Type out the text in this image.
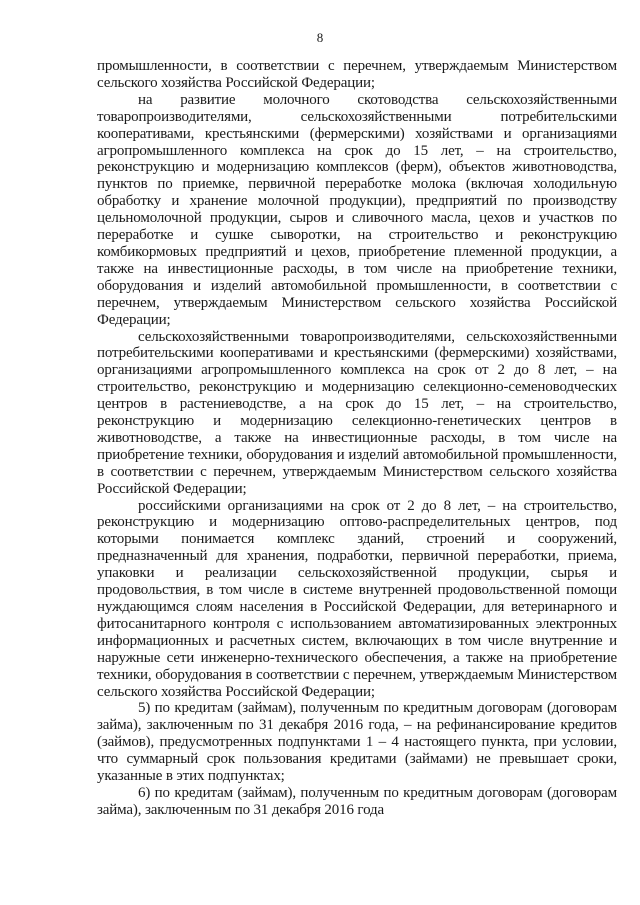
8

промышленности, в соответствии с перечнем, утверждаемым Министерством сельского хозяйства Российской Федерации;

на развитие молочного скотоводства сельскохозяйственными товаропроизводителями, сельскохозяйственными потребительскими кооперативами, крестьянскими (фермерскими) хозяйствами и организациями агропромышленного комплекса на срок до 15 лет, – на строительство, реконструкцию и модернизацию комплексов (ферм), объектов животноводства, пунктов по приемке, первичной переработке молока (включая холодильную обработку и хранение молочной продукции), предприятий по производству цельномолочной продукции, сыров и сливочного масла, цехов и участков по переработке и сушке сыворотки, на строительство и реконструкцию комбикормовых предприятий и цехов, приобретение племенной продукции, а также на инвестиционные расходы, в том числе на приобретение техники, оборудования и изделий автомобильной промышленности, в соответствии с перечнем, утверждаемым Министерством сельского хозяйства Российской Федерации;

сельскохозяйственными товаропроизводителями, сельскохозяйственными потребительскими кооперативами и крестьянскими (фермерскими) хозяйствами, организациями агропромышленного комплекса на срок от 2 до 8 лет, – на строительство, реконструкцию и модернизацию селекционно-семеноводческих центров в растениеводстве, а на срок до 15 лет, – на строительство, реконструкцию и модернизацию селекционно-генетических центров в животноводстве, а также на инвестиционные расходы, в том числе на приобретение техники, оборудования и изделий автомобильной промышленности, в соответствии с перечнем, утверждаемым Министерством сельского хозяйства Российской Федерации;

российскими организациями на срок от 2 до 8 лет, – на строительство, реконструкцию и модернизацию оптово-распределительных центров, под которыми понимается комплекс зданий, строений и сооружений, предназначенный для хранения, подработки, первичной переработки, приема, упаковки и реализации сельскохозяйственной продукции, сырья и продовольствия, в том числе в системе внутренней продовольственной помощи нуждающимся слоям населения в Российской Федерации, для ветеринарного и фитосанитарного контроля с использованием автоматизированных электронных информационных и расчетных систем, включающих в том числе внутренние и наружные сети инженерно-технического обеспечения, а также на приобретение техники, оборудования в соответствии с перечнем, утверждаемым Министерством сельского хозяйства Российской Федерации;

5) по кредитам (займам), полученным по кредитным договорам (договорам займа), заключенным по 31 декабря 2016 года, – на рефинансирование кредитов (займов), предусмотренных подпунктами 1 – 4 настоящего пункта, при условии, что суммарный срок пользования кредитами (займами) не превышает сроки, указанные в этих подпунктах;

6) по кредитам (займам), полученным по кредитным договорам (договорам займа), заключенным по 31 декабря 2016 года
